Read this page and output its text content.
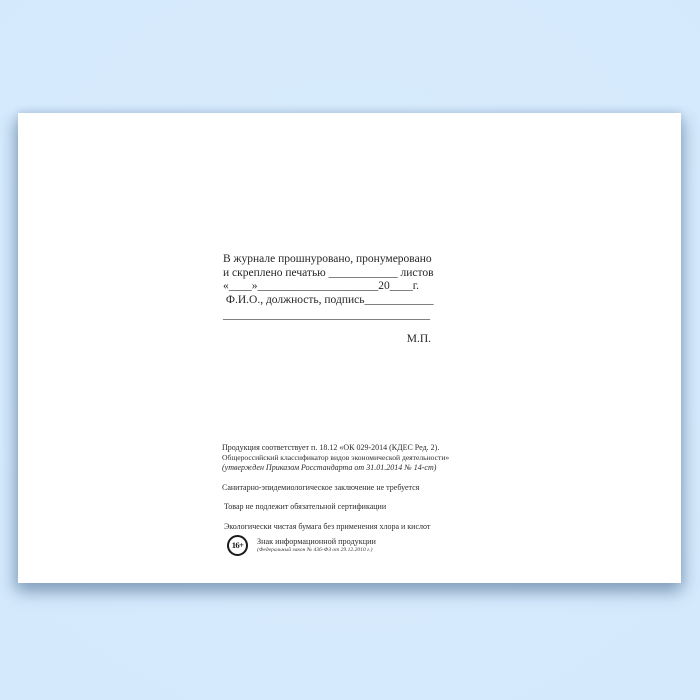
В журнале прошнуровано, пронумеровано
и скреплено печатью ____________ листов
«____»_____________________20____г.
Ф.И.О., должность, подпись____________
____________________________________
М.П.
Продукция соответствует п. 18.12 «ОК 029-2014 (КДЕС Ред. 2).
Общероссийский классификатор видов экономической деятельности»
(утвержден Приказом Росстандарта от 31.01.2014 № 14-ст)
Санитарно-эпидемиологическое заключение не требуется
Товар не подлежит обязательной сертификации
Экологически чистая бумага без применения хлора и кислот
16+	Знак информационной продукции
(Федеральный закон № 436-ФЗ от 29.12.2010 г.)
